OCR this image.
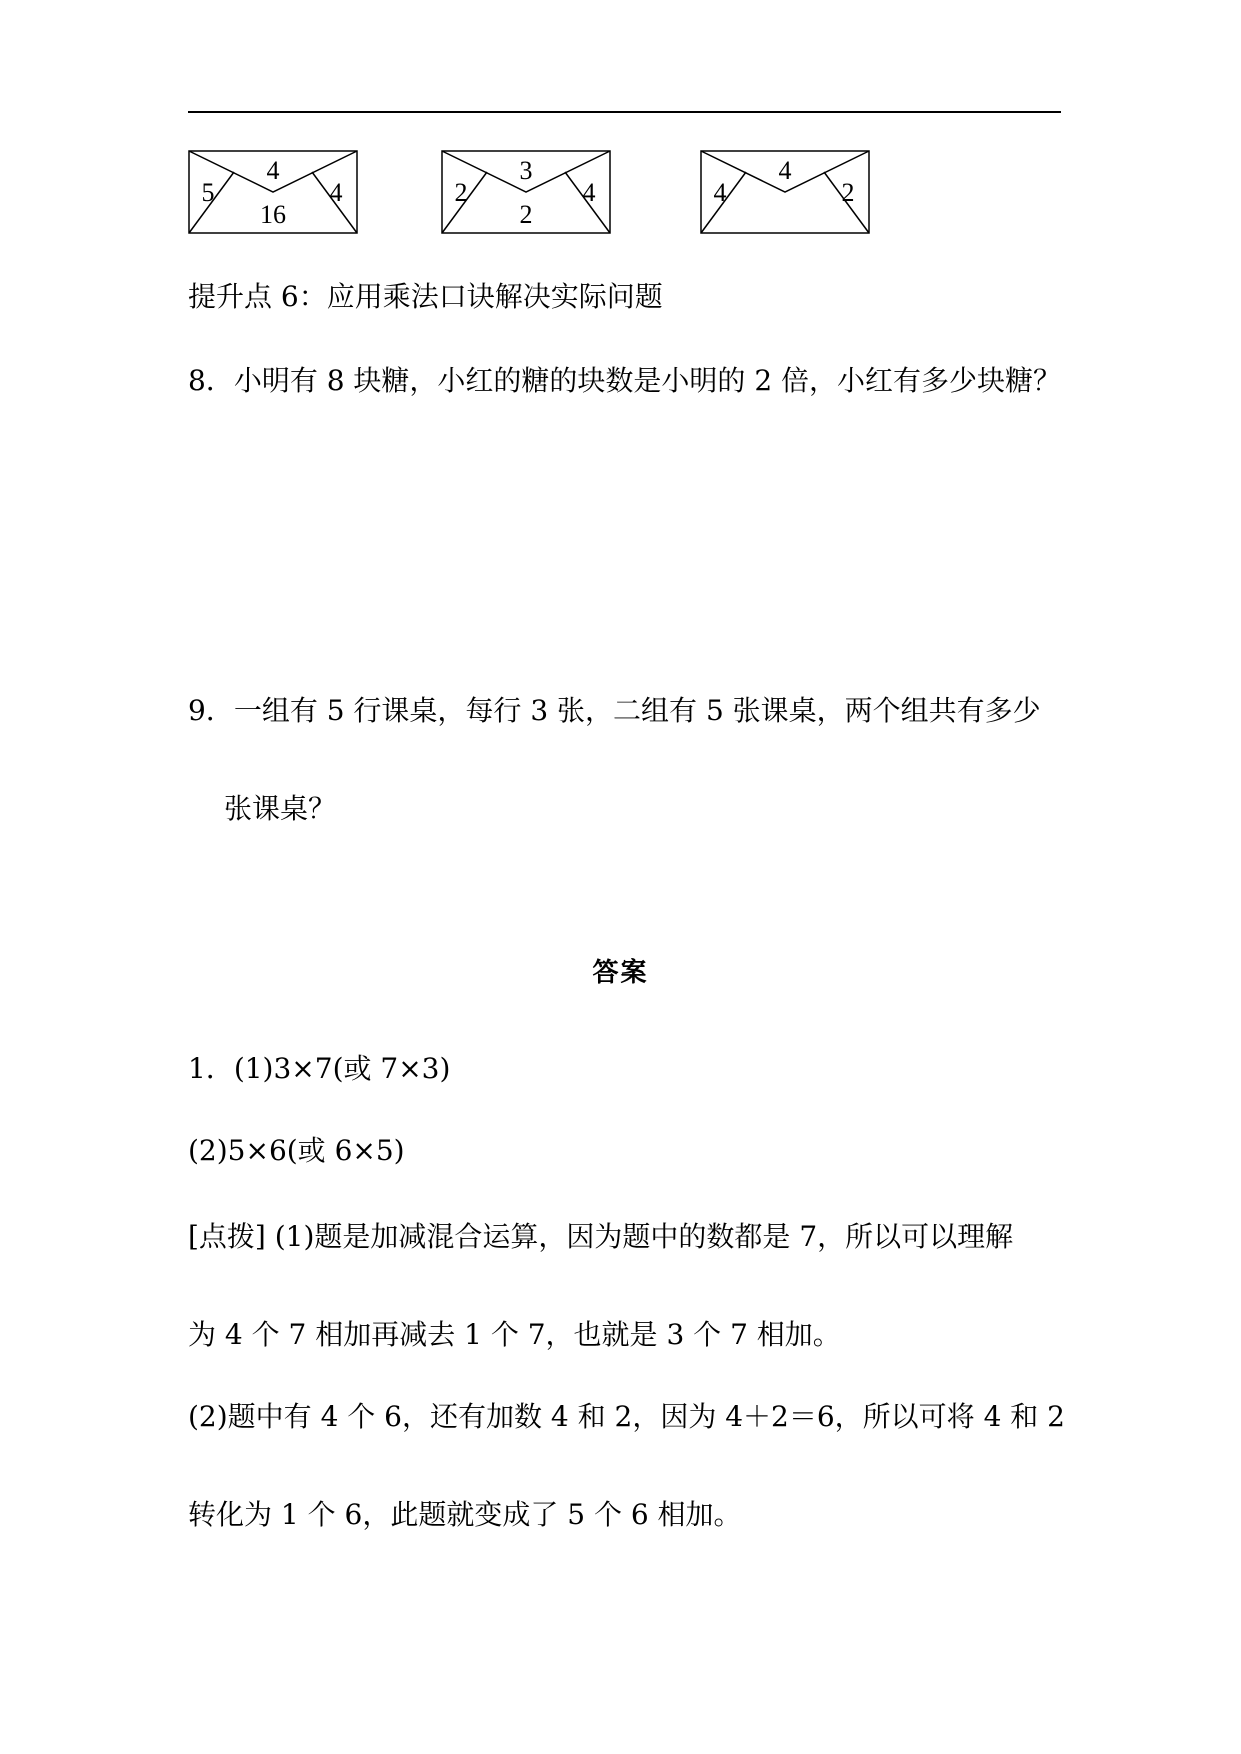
4
5	4
16
3
2	4
2
4
4	2
提升点 6：应用乘法口诀解决实际问题
8．小明有 8 块糖，小红的糖的块数是小明的 2 倍，小红有多少块糖？
9．一组有 5 行课桌，每行 3 张，二组有 5 张课桌，两个组共有多少
张课桌？
答案
1．(1)3×7(或 7×3)
(2)5×6(或 6×5)
[点拨] (1)题是加减混合运算，因为题中的数都是 7，所以可以理解
为 4 个 7 相加再减去 1 个 7，也就是 3 个 7 相加。
(2)题中有 4 个 6，还有加数 4 和 2，因为 4＋2＝6，所以可将 4 和 2
转化为 1 个 6，此题就变成了 5 个 6 相加。
